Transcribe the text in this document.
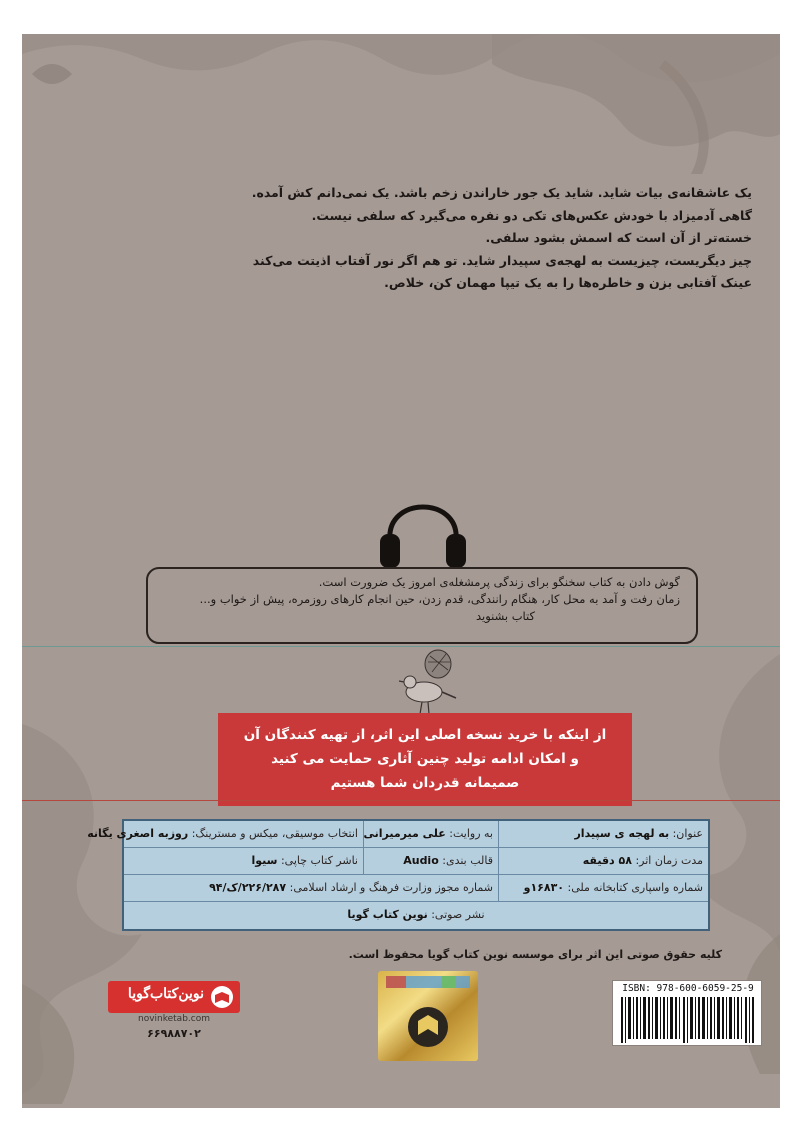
یک عاشقانه‌ی بیات شاید. شاید یک جور خاراندن زخم باشد. یک نمی‌دانم کش آمده.
گاهی آدمیزاد با خودش عکس‌های تکی دو نفره می‌گیرد که سلفی نیست.
خسته‌تر از آن است که اسمش بشود سلفی.
چیز دیگریست، چیزیست به لهجه‌ی سپیدار شاید. تو هم اگر نور آفتاب اذیتت می‌کند
عینک آفتابی بزن و خاطره‌ها را به یک تیپا مهمان کن، خلاص.
گوش دادن به کتاب سخنگو برای زندگی پرمشغله‌ی امروز یک ضرورت است.
زمان رفت و آمد به محل کار، هنگام رانندگی، قدم زدن، حین انجام کارهای روزمره، پیش از خواب و...
کتاب بشنوید
از اینکه با خرید نسخه اصلی این اثر، از تهیه کنندگان آن
و امکان ادامه تولید چنین آثاری حمایت می کنید
صمیمانه قدردان شما هستیم
عنوان: به لهجه ی سپیدار
به روایت: علی میرمیرانی
انتخاب موسیقی، میکس و مسترینگ: روزبه اصغری یگانه
مدت زمان اثر: ۵۸ دقیقه
قالب بندی: Audio
ناشر کتاب چاپی: سیوا
شماره واسپاری کتابخانه ملی: ۱۶۸۳۰و
شماره مجوز وزارت فرهنگ و ارشاد اسلامی: ۲۲۶/۲۸۷/ک/۹۴
نشر صوتی: نوین کتاب گویا
کلیه حقوق صوتی این اثر برای موسسه نوین کتاب گویا محفوظ است.
ISBN: 978-600-6059-25-9
نوین‌کتاب‌گویا
novinketab.com
۶۶۹۸۸۷۰۲
